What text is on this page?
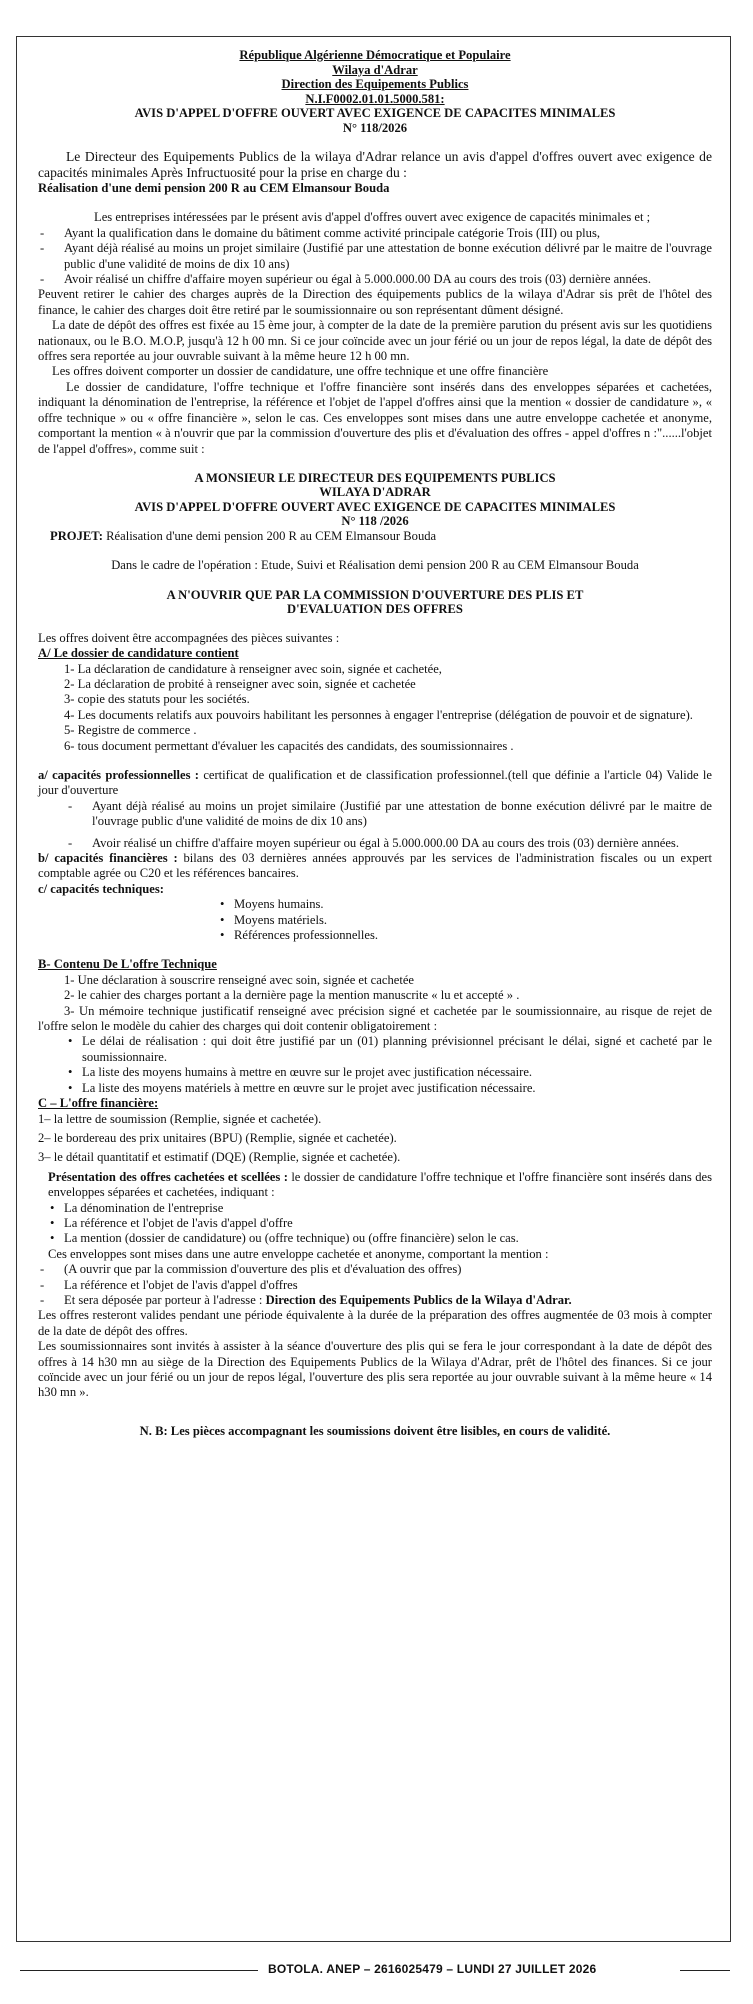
République Algérienne Démocratique et Populaire

Wilaya d'Adrar

Direction des Equipements Publics

N.I.F0002.01.01.5000.581:

AVIS D'APPEL D'OFFRE OUVERT AVEC EXIGENCE DE CAPACITES MINIMALES

N° 118/2026

Le Directeur des Equipements Publics de la wilaya d'Adrar relance un avis d'appel d'offres ouvert avec exigence de capacités minimales Après Infructuosité pour la prise en charge du :

Réalisation d'une demi pension 200 R au CEM Elmansour Bouda

Les entreprises intéressées par le présent avis d'appel d'offres ouvert avec exigence de capacités minimales et ;

- Ayant la qualification dans le domaine du bâtiment comme activité principale catégorie Trois (III) ou plus,
- Ayant déjà réalisé au moins un projet similaire (Justifié par une attestation de bonne exécution délivré par le maitre de l'ouvrage public d'une validité de moins de dix 10 ans)
- Avoir réalisé un chiffre d'affaire moyen supérieur ou égal à 5.000.000.00 DA au cours des trois (03) dernière années.

Peuvent retirer le cahier des charges auprès de la Direction des équipements publics de la wilaya d'Adrar sis prêt de l'hôtel des finance, le cahier des charges doit être retiré par le soumissionnaire ou son représentant dûment désigné.

La date de dépôt des offres est fixée au 15 ème jour, à compter de la date de la première parution du présent avis sur les quotidiens nationaux, ou le B.O. M.O.P, jusqu'à 12 h 00 mn. Si ce jour coïncide avec un jour férié ou un jour de repos légal, la date de dépôt des offres sera reportée au jour ouvrable suivant à la même heure 12 h 00 mn.

Les offres doivent comporter un dossier de candidature, une offre technique et une offre financière

Le dossier de candidature, l'offre technique et l'offre financière sont insérés dans des enveloppes séparées et cachetées, indiquant la dénomination de l'entreprise, la référence et l'objet de l'appel d'offres ainsi que la mention « dossier de candidature », « offre technique » ou « offre financière », selon le cas. Ces enveloppes sont mises dans une autre enveloppe cachetée et anonyme, comportant la mention « à n'ouvrir que par la commission d'ouverture des plis et d'évaluation des offres - appel d'offres n :"......l'objet de l'appel d'offres», comme suit :

A MONSIEUR LE DIRECTEUR DES EQUIPEMENTS PUBLICS

WILAYA D'ADRAR

AVIS D'APPEL D'OFFRE OUVERT AVEC EXIGENCE DE CAPACITES MINIMALES

N° 118 /2026

PROJET: Réalisation d'une demi pension 200 R au CEM Elmansour Bouda

Dans le cadre de l'opération : Etude, Suivi et Réalisation demi pension 200 R au CEM Elmansour Bouda

A N'OUVRIR QUE PAR LA COMMISSION D'OUVERTURE DES PLIS ET D'EVALUATION DES OFFRES

Les offres doivent être accompagnées des pièces suivantes :

A/ Le dossier de candidature contient

1- La déclaration de candidature à renseigner avec soin, signée et cachetée,
2- La déclaration de probité à renseigner avec soin, signée et cachetée
3- copie des statuts pour les sociétés.
4- Les documents relatifs aux pouvoirs habilitant les personnes à engager l'entreprise (délégation de pouvoir et de signature).
5- Registre de commerce .
6- tous document permettant d'évaluer les capacités des candidats, des soumissionnaires .

a/ capacités professionnelles : certificat de qualification et de classification professionnel.(tell que définie a l'article 04) Valide le jour d'ouverture

- Ayant déjà réalisé au moins un projet similaire (Justifié par une attestation de bonne exécution délivré par le maitre de l'ouvrage public d'une validité de moins de dix 10 ans)
- Avoir réalisé un chiffre d'affaire moyen supérieur ou égal à 5.000.000.00 DA au cours des trois (03) dernière années.

b/ capacités financières : bilans des 03 dernières années approuvés par les services de l'administration fiscales ou un expert comptable agrée ou C20 et les références bancaires.

c/ capacités techniques:

• Moyens humains.
• Moyens matériels.
• Références professionnelles.

B- Contenu De L'offre Technique

1- Une déclaration à souscrire renseigné avec soin, signée et cachetée
2- le cahier des charges portant a la dernière page la mention manuscrite « lu et accepté » .
3- Un mémoire technique justificatif renseigné avec précision signé et cachetée par le soumissionnaire, au risque de rejet de l'offre selon le modèle du cahier des charges qui doit contenir obligatoirement :
• Le délai de réalisation : qui doit être justifié par un (01) planning prévisionnel précisant le délai, signé et cacheté par le soumissionnaire.
• La liste des moyens humains à mettre en œuvre sur le projet avec justification nécessaire.
• La liste des moyens matériels à mettre en œuvre sur le projet avec justification nécessaire.

C – L'offre financière:

1– la lettre de soumission (Remplie, signée et cachetée).
2– le bordereau des prix unitaires (BPU) (Remplie, signée et cachetée).
3– le détail quantitatif et estimatif (DQE) (Remplie, signée et cachetée).

Présentation des offres cachetées et scellées : le dossier de candidature l'offre technique et l'offre financière sont insérés dans des enveloppes séparées et cachetées, indiquant :

• La dénomination de l'entreprise
• La référence et l'objet de l'avis d'appel d'offre
• La mention (dossier de candidature) ou (offre technique) ou (offre financière) selon le cas.

Ces enveloppes sont mises dans une autre enveloppe cachetée et anonyme, comportant la mention :

- (A ouvrir que par la commission d'ouverture des plis et d'évaluation des offres)
- La référence et l'objet de l'avis d'appel d'offres
- Et sera déposée par porteur à l'adresse : Direction des Equipements Publics de la Wilaya d'Adrar.

Les offres resteront valides pendant une période équivalente à la durée de la préparation des offres augmentée de 03 mois à compter de la date de dépôt des offres.

Les soumissionnaires sont invités à assister à la séance d'ouverture des plis qui se fera le jour correspondant à la date de dépôt des offres à 14 h30 mn au siège de la Direction des Equipements Publics de la Wilaya d'Adrar, prêt de l'hôtel des finances. Si ce jour coïncide avec un jour férié ou un jour de repos légal, l'ouverture des plis sera reportée au jour ouvrable suivant à la même heure « 14 h30 mn ».

N. B: Les pièces accompagnant les soumissions doivent être lisibles, en cours de validité.

BOTOLA. ANEP – 2616025479 – LUNDI 27 JUILLET 2026
